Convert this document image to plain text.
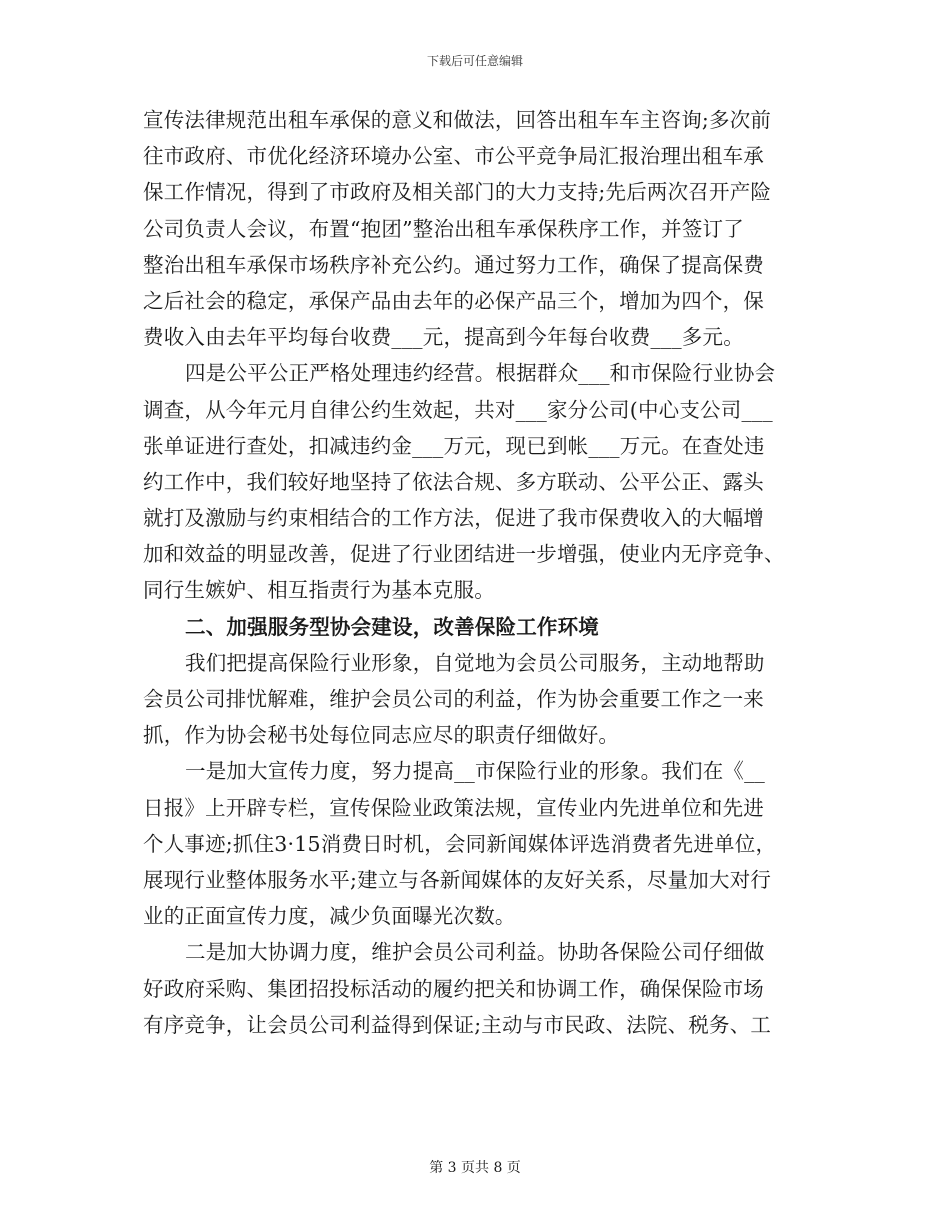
下载后可任意编辑
宣传法律规范出租车承保的意义和做法，回答出租车车主咨询;多次前
往市政府、市优化经济环境办公室、市公平竞争局汇报治理出租车承
保工作情况，得到了市政府及相关部门的大力支持;先后两次召开产险
公司负责人会议，布置“抱团”整治出租车承保秩序工作，并签订了
整治出租车承保市场秩序补充公约。通过努力工作，确保了提高保费
之后社会的稳定，承保产品由去年的必保产品三个，增加为四个，保
费收入由去年平均每台收费___元，提高到今年每台收费___多元。
四是公平公正严格处理违约经营。根据群众___和市保险行业协会
调查，从今年元月自律公约生效起，共对___家分公司(中心支公司___
张单证进行查处，扣减违约金___万元，现已到帐___万元。在查处违
约工作中，我们较好地坚持了依法合规、多方联动、公平公正、露头
就打及激励与约束相结合的工作方法，促进了我市保费收入的大幅增
加和效益的明显改善，促进了行业团结进一步增强，使业内无序竞争、
同行生嫉妒、相互指责行为基本克服。
二、加强服务型协会建设，改善保险工作环境
我们把提高保险行业形象，自觉地为会员公司服务，主动地帮助
会员公司排忧解难，维护会员公司的利益，作为协会重要工作之一来
抓，作为协会秘书处每位同志应尽的职责仔细做好。
一是加大宣传力度，努力提高__市保险行业的形象。我们在《__
日报》上开辟专栏，宣传保险业政策法规，宣传业内先进单位和先进
个人事迹;抓住3·15消费日时机，会同新闻媒体评选消费者先进单位，
展现行业整体服务水平;建立与各新闻媒体的友好关系，尽量加大对行
业的正面宣传力度，减少负面曝光次数。
二是加大协调力度，维护会员公司利益。协助各保险公司仔细做
好政府采购、集团招投标活动的履约把关和协调工作，确保保险市场
有序竞争，让会员公司利益得到保证;主动与市民政、法院、税务、工
第 3 页共 8 页
